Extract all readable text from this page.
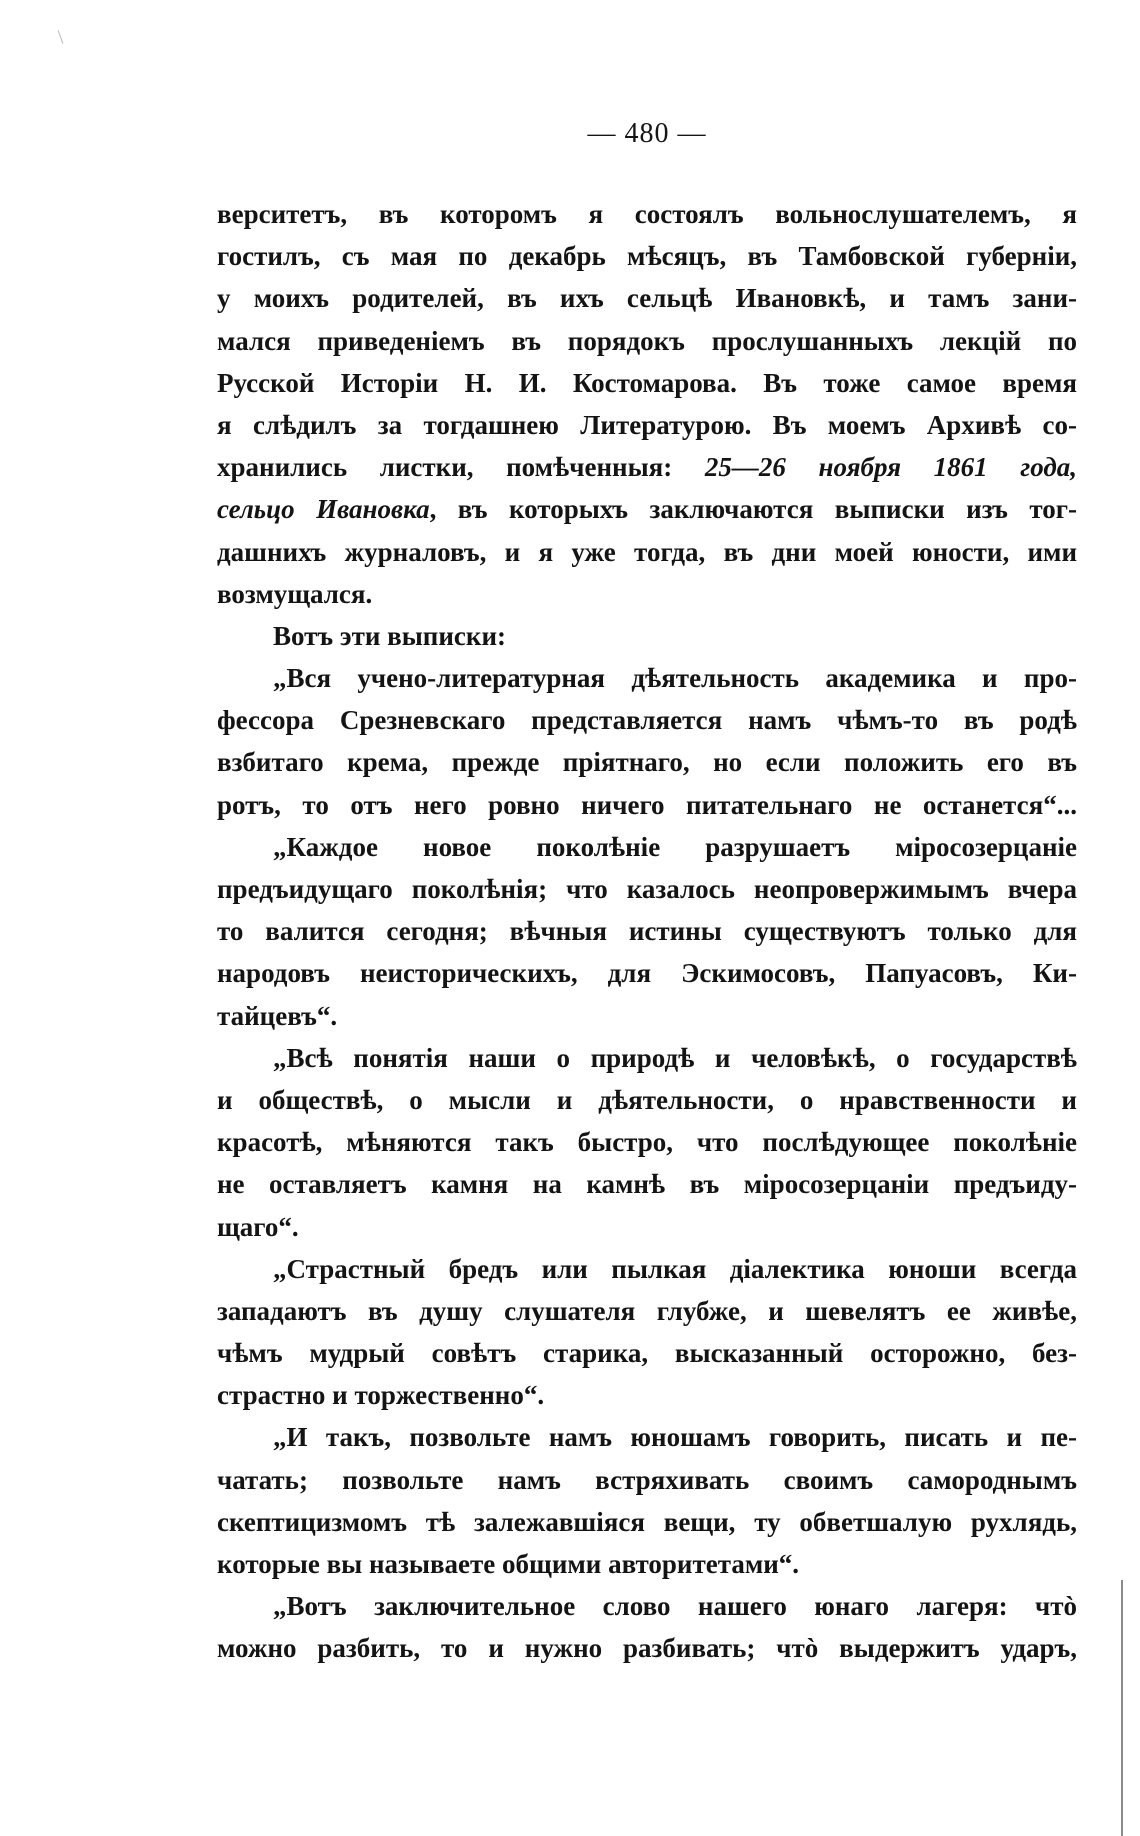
— 480 —
верситетъ, въ которомъ я состоялъ вольнослушателемъ, я
гостилъ, съ мая по декабрь мѣсяцъ, въ Тамбовской губерніи,
у моихъ родителей, въ ихъ сельцѣ Ивановкѣ, и тамъ зани-
мался приведеніемъ въ порядокъ прослушанныхъ лекцій по
Русской Исторіи Н. И. Костомарова. Въ тоже самое время
я слѣдилъ за тогдашнею Литературою. Въ моемъ Архивѣ со-
хранились листки, помѣченныя: 25—26 ноября 1861 года,
сельцо Ивановка, въ которыхъ заключаются выписки изъ тог-
дашнихъ журналовъ, и я уже тогда, въ дни моей юности, ими
возмущался.
Вотъ эти выписки:
„Вся учено-литературная дѣятельность академика и про-
фессора Срезневскаго представляется намъ чѣмъ-то въ родѣ
взбитаго крема, прежде пріятнаго, но если положить его въ
ротъ, то отъ него ровно ничего питательнаго не останется“...
„Каждое новое поколѣніе разрушаетъ міросозерцаніе
предъидущаго поколѣнія; что казалось неопровержимымъ вчера
то валится сегодня; вѣчныя истины существуютъ только для
народовъ неисторическихъ, для Эскимосовъ, Папуасовъ, Ки-
тайцевъ“.
„Всѣ понятія наши о природѣ и человѣкѣ, о государствѣ
и обществѣ, о мысли и дѣятельности, о нравственности и
красотѣ, мѣняются такъ быстро, что послѣдующее поколѣніе
не оставляетъ камня на камнѣ въ міросозерцаніи предъиду-
щаго“.
„Страстный бредъ или пылкая діалектика юноши всегда
западаютъ въ душу слушателя глубже, и шевелятъ ее живѣе,
чѣмъ мудрый совѣтъ старика, высказанный осторожно, без-
страстно и торжественно“.
„И такъ, позвольте намъ юношамъ говорить, писать и пе-
чатать; позвольте намъ встряхивать своимъ самороднымъ
скептицизмомъ тѣ залежавшіяся вещи, ту обветшалую рухлядь,
которые вы называете общими авторитетами“.
„Вотъ заключительное слово нашего юнаго лагеря: чтò
можно разбить, то и нужно разбивать; чтò выдержитъ ударъ,
